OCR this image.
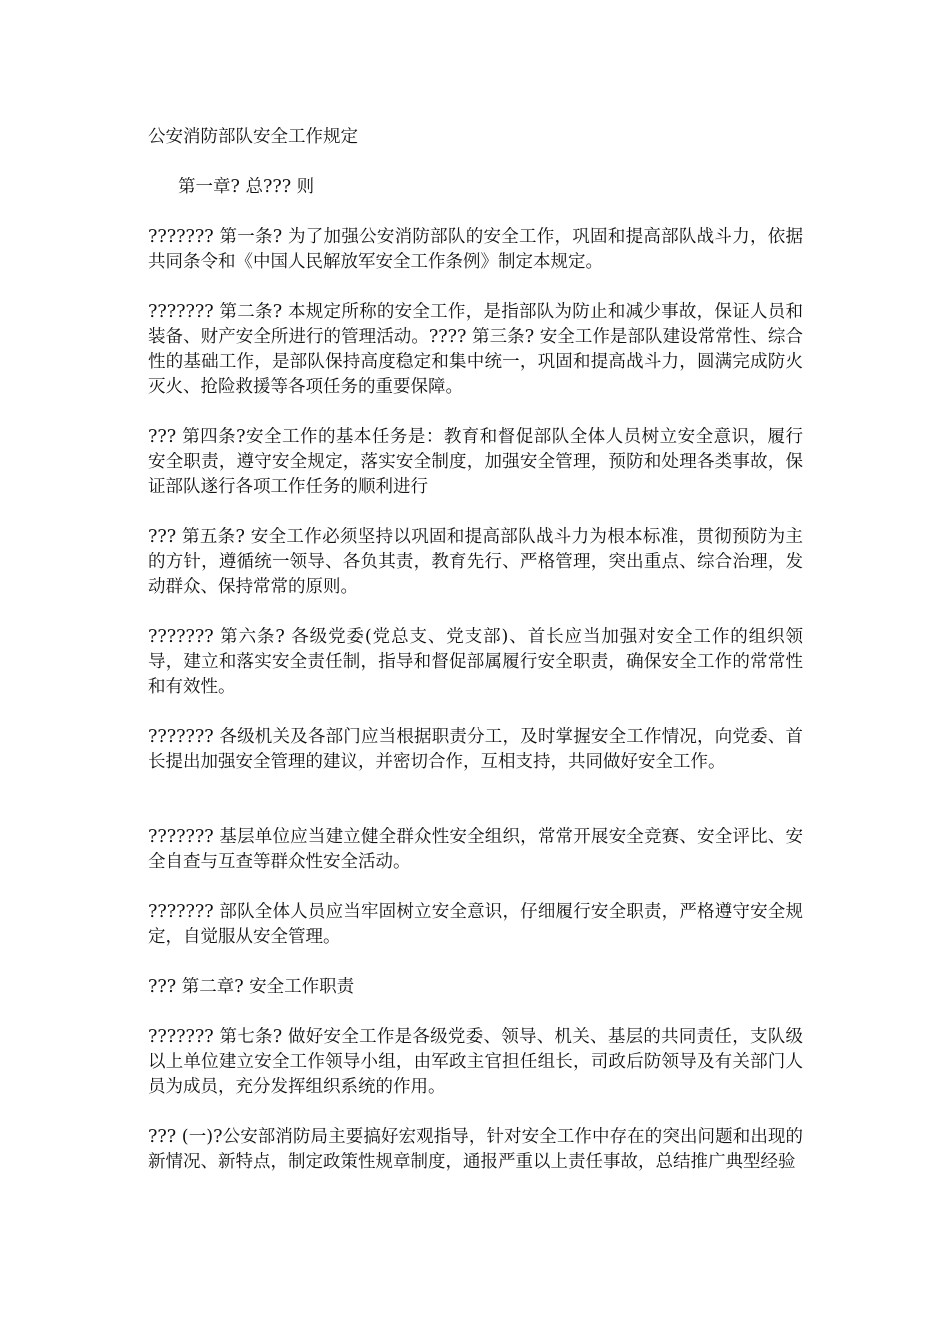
公安消防部队安全工作规定

第一章? 总??? 则

??????? 第一条? 为了加强公安消防部队的安全工作，巩固和提高部队战斗力，依据共同条令和《中国人民解放军安全工作条例》制定本规定。

??????? 第二条? 本规定所称的安全工作，是指部队为防止和减少事故，保证人员和装备、财产安全所进行的管理活动。???? 第三条? 安全工作是部队建设常常性、综合性的基础工作，是部队保持高度稳定和集中统一，巩固和提高战斗力，圆满完成防火灭火、抢险救援等各项任务的重要保障。

??? 第四条?安全工作的基本任务是：教育和督促部队全体人员树立安全意识，履行安全职责，遵守安全规定，落实安全制度，加强安全管理，预防和处理各类事故，保证部队遂行各项工作任务的顺利进行

??? 第五条? 安全工作必须坚持以巩固和提高部队战斗力为根本标准，贯彻预防为主的方针，遵循统一领导、各负其责，教育先行、严格管理，突出重点、综合治理，发动群众、保持常常的原则。

??????? 第六条? 各级党委(党总支、党支部)、首长应当加强对安全工作的组织领导，建立和落实安全责任制，指导和督促部属履行安全职责，确保安全工作的常常性和有效性。

??????? 各级机关及各部门应当根据职责分工，及时掌握安全工作情况，向党委、首长提出加强安全管理的建议，并密切合作，互相支持，共同做好安全工作。

??????? 基层单位应当建立健全群众性安全组织，常常开展安全竞赛、安全评比、安全自查与互查等群众性安全活动。

??????? 部队全体人员应当牢固树立安全意识，仔细履行安全职责，严格遵守安全规定，自觉服从安全管理。

??? 第二章? 安全工作职责

??????? 第七条? 做好安全工作是各级党委、领导、机关、基层的共同责任，支队级以上单位建立安全工作领导小组，由军政主官担任组长，司政后防领导及有关部门人员为成员，充分发挥组织系统的作用。

??? (一)?公安部消防局主要搞好宏观指导，针对安全工作中存在的突出问题和出现的新情况、新特点，制定政策性规章制度，通报严重以上责任事故，总结推广典型经验
